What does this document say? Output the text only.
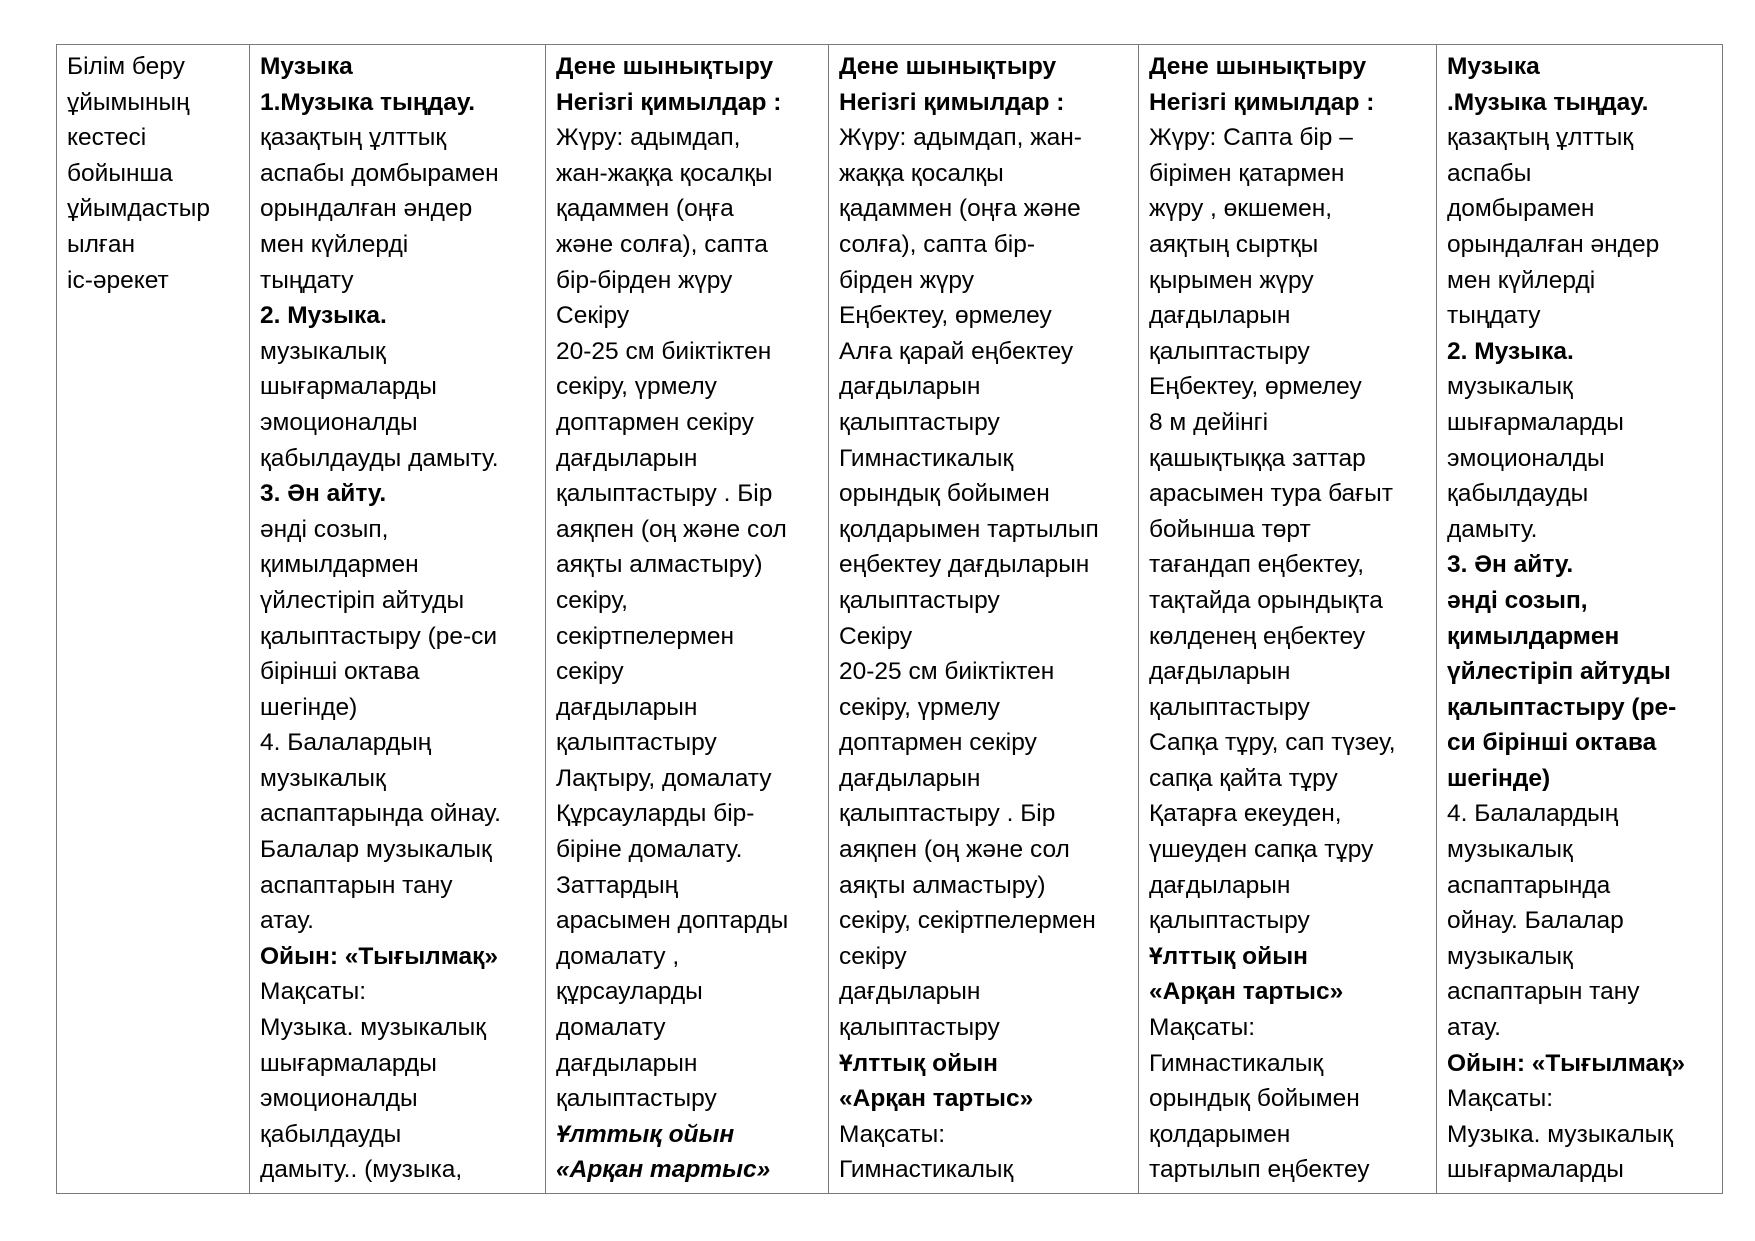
Білім беру
ұйымының
кестесі
бойынша
ұйымдастыр
ылған
іс-әрекет

Музыка
1.Музыка тыңдау.
қазақтың ұлттық
аспабы домбырамен
орындалған әндер
мен күйлерді
тыңдату
2. Музыка.
музыкалық
шығармаларды
эмоционалды
қабылдауды дамыту.
3. Ән айту.
әнді созып,
қимылдармен
үйлестіріп айтуды
қалыптастыру (ре-си
бірінші октава
шегінде)
4. Балалардың
музыкалық
аспаптарында ойнау.
Балалар музыкалық
аспаптарын тану
атау.
Ойын: «Тығылмақ»
Мақсаты:
Музыка. музыкалық
шығармаларды
эмоционалды
қабылдауды
дамыту.. (музыка,

Дене шынықтыру
Негізгі қимылдар :
Жүру: адымдап,
жан-жаққа қосалқы
қадаммен (оңға
және солға), сапта
бір-бірден жүру
Секіру
20-25 см биіктіктен
секіру, үрмелу
доптармен секіру
дағдыларын
қалыптастыру . Бір
аяқпен (оң және сол
аяқты алмастыру)
секіру,
секіртпелермен
секіру
дағдыларын
қалыптастыру
Лақтыру, домалату
Құрсауларды бір-
біріне домалату.
Заттардың
арасымен доптарды
домалату ,
құрсауларды
домалату
дағдыларын
қалыптастыру
Ұлттық ойын
«Арқан тартыс»

Дене шынықтыру
Негізгі қимылдар :
Жүру: адымдап, жан-
жаққа қосалқы
қадаммен (оңға және
солға), сапта бір-
бірден жүру
Еңбектеу, өрмелеу
Алға қарай еңбектеу
дағдыларын
қалыптастыру
Гимнастикалық
орындық бойымен
қолдарымен тартылып
еңбектеу дағдыларын
қалыптастыру
Секіру
20-25 см биіктіктен
секіру, үрмелу
доптармен секіру
дағдыларын
қалыптастыру . Бір
аяқпен (оң және сол
аяқты алмастыру)
секіру, секіртпелермен
секіру
дағдыларын
қалыптастыру
Ұлттық ойын
«Арқан тартыс»
Мақсаты:
Гимнастикалық

Дене шынықтыру
Негізгі қимылдар :
Жүру: Сапта бір –
бірімен қатармен
жүру , өкшемен,
аяқтың сыртқы
қырымен жүру
дағдыларын
қалыптастыру
Еңбектеу, өрмелеу
8 м дейінгі
қашықтыққа заттар
арасымен тура бағыт
бойынша төрт
тағандап еңбектеу,
тақтайда орындықта
көлденең еңбектеу
дағдыларын
қалыптастыру
Сапқа тұру, сап түзеу,
сапқа қайта тұру
Қатарға екеуден,
үшеуден сапқа тұру
дағдыларын
қалыптастыру
Ұлттық ойын
«Арқан тартыс»
Мақсаты:
Гимнастикалық
орындық бойымен
қолдарымен
тартылып еңбектеу

Музыка
.Музыка тыңдау.
қазақтың ұлттық
аспабы
домбырамен
орындалған әндер
мен күйлерді
тыңдату
2. Музыка.
музыкалық
шығармаларды
эмоционалды
қабылдауды
дамыту.
3. Ән айту.
әнді созып,
қимылдармен
үйлестіріп айтуды
қалыптастыру (ре-
си бірінші октава
шегінде)
4. Балалардың
музыкалық
аспаптарында
ойнау. Балалар
музыкалық
аспаптарын тану
атау.
Ойын: «Тығылмақ»
Мақсаты:
Музыка. музыкалық
шығармаларды
